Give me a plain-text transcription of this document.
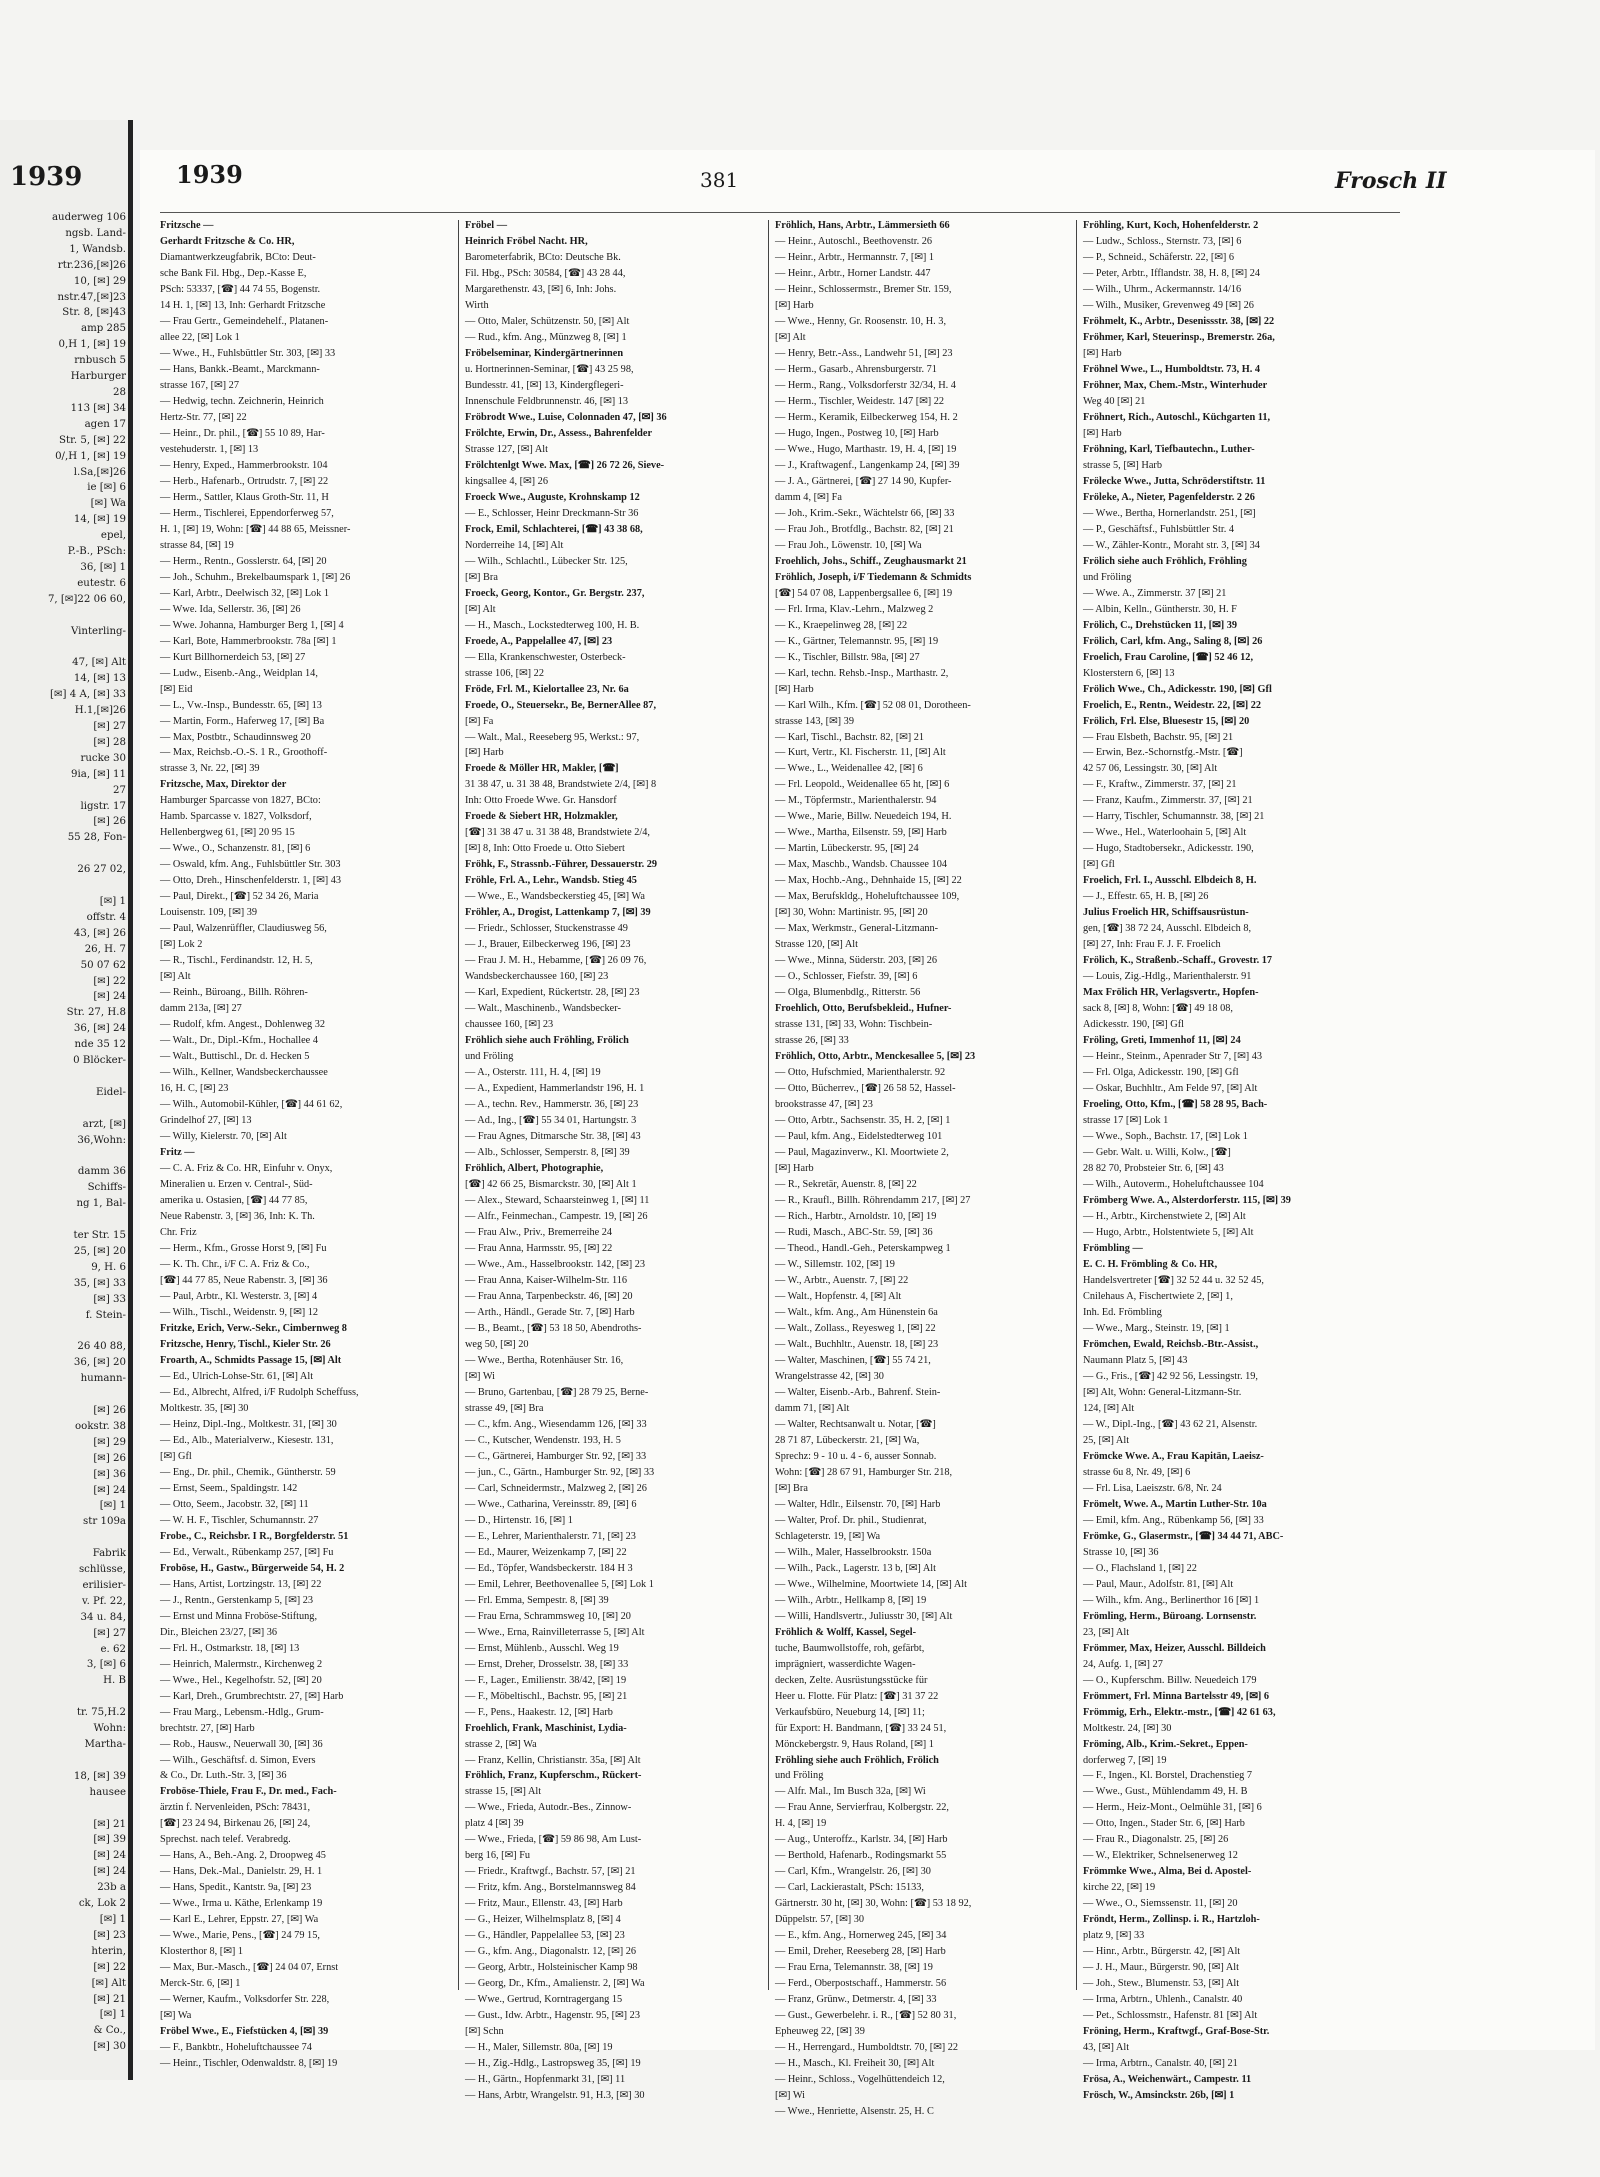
1939
auderweg 106
ngsb. Land-
1, Wandsb.
rtr.236,[✉]26
10, [✉] 29
nstr.47,[✉]23
Str. 8, [✉]43
amp 285
0,H 1, [✉] 19
rnbusch 5
Harburger
28
113 [✉] 34
agen 17
Str. 5, [✉] 22
0/,H 1, [✉] 19
l.Sa,[✉]26
ie [✉] 6
[✉] Wa
14, [✉] 19
epel,
P.-B., PSch:
36, [✉] 1
eutestr. 6
7, [✉]22 06 60,

Vinterling-

47, [✉] Alt
14, [✉] 13
[✉] 4 A, [✉] 33
H.1,[✉]26
[✉] 27
[✉] 28
rucke 30
9ia, [✉] 11
27
ligstr. 17
[✉] 26
55 28, Fon-

26 27 02,

[✉] 1
offstr. 4
43, [✉] 26
26, H. 7
50 07 62
[✉] 22
[✉] 24
Str. 27, H.8
36, [✉] 24
nde 35 12
0 Blöcker-

Eidel-

arzt, [✉]
36,Wohn:

damm 36
Schiffs-
ng 1, Bal-

ter Str. 15
25, [✉] 20
9, H. 6
35, [✉] 33
[✉] 33
f. Stein-

26 40 88,
36, [✉] 20
humann-

[✉] 26
ookstr. 38
[✉] 29
[✉] 26
[✉] 36
[✉] 24
[✉] 1
str 109a

Fabrik
schlüsse,
erilisier-
v. Pf. 22,
34 u. 84,
[✉] 27
e. 62
3, [✉] 6
H. B

tr. 75,H.2
Wohn:
Martha-

18, [✉] 39
hausee

[✉] 21
[✉] 39
[✉] 24
[✉] 24
23b a
ck, Lok 2
[✉] 1
[✉] 23
hterin,
[✉] 22
[✉] Alt
[✉] 21
[✉] 1
& Co.,
[✉] 30
1939	381	Frosch II
Fritzsche —
Gerhardt Fritzsche & Co. HR,
Diamantwerkzeugfabrik, BCto: Deut-
sche Bank Fil. Hbg., Dep.-Kasse E,
PSch: 53337, [☎] 44 74 55, Bogenstr.
14 H. 1, [✉] 13, Inh: Gerhardt Fritzsche
— Frau Gertr., Gemeindehelf., Platanen-
allee 22, [✉] Lok 1
— Wwe., H., Fuhlsbüttler Str. 303, [✉] 33
— Hans, Bankk.-Beamt., Marckmann-
strasse 167, [✉] 27
— Hedwig, techn. Zeichnerin, Heinrich
Hertz-Str. 77, [✉] 22
— Heinr., Dr. phil., [☎] 55 10 89, Har-
vestehuderstr. 1, [✉] 13
— Henry, Exped., Hammerbrookstr. 104
— Herb., Hafenarb., Ortrudstr. 7, [✉] 22
— Herm., Sattler, Klaus Groth-Str. 11, H
— Herm., Tischlerei, Eppendorferweg 57,
H. 1, [✉] 19, Wohn: [☎] 44 88 65, Meissner-
strasse 84, [✉] 19
— Herm., Rentn., Gosslerstr. 64, [✉] 20
— Joh., Schuhm., Brekelbaumspark 1, [✉] 26
— Karl, Arbtr., Deelwisch 32, [✉] Lok 1
— Wwe. Ida, Sellerstr. 36, [✉] 26
— Wwe. Johanna, Hamburger Berg 1, [✉] 4
— Karl, Bote, Hammerbrookstr. 78a [✉] 1
— Kurt Billhornerdeich 53, [✉] 27
— Ludw., Eisenb.-Ang., Weidplan 14,
[✉] Eid
— L., Vw.-Insp., Bundesstr. 65, [✉] 13
— Martin, Form., Haferweg 17, [✉] Ba
— Max, Postbtr., Schaudinnsweg 20
— Max, Reichsb.-O.-S. 1 R., Groothoff-
strasse 3, Nr. 22, [✉] 39
Fritzsche, Max, Direktor der
Hamburger Sparcasse von 1827, BCto:
Hamb. Sparcasse v. 1827, Volksdorf,
Hellenbergweg 61, [✉] 20 95 15
— Wwe., O., Schanzenstr. 81, [✉] 6
— Oswald, kfm. Ang., Fuhlsbüttler Str. 303
— Otto, Dreh., Hinschenfelderstr. 1, [✉] 43
— Paul, Direkt., [☎] 52 34 26, Maria
Louisenstr. 109, [✉] 39
— Paul, Walzenrüffler, Claudiusweg 56,
[✉] Lok 2
— R., Tischl., Ferdinandstr. 12, H. 5,
[✉] Alt
— Reinh., Büroang., Billh. Röhren-
damm 213a, [✉] 27
— Rudolf, kfm. Angest., Dohlenweg 32
— Walt., Dr., Dipl.-Kfm., Hochallee 4
— Walt., Buttischl., Dr. d. Hecken 5
— Wilh., Kellner, Wandsbeckerchaussee
16, H. C, [✉] 23
— Wilh., Automobil-Kühler, [☎] 44 61 62,
Grindelhof 27, [✉] 13
— Willy, Kielerstr. 70, [✉] Alt
Fritz —
— C. A. Friz & Co. HR, Einfuhr v. Onyx,
Mineralien u. Erzen v. Central-, Süd-
amerika u. Ostasien, [☎] 44 77 85,
Neue Rabenstr. 3, [✉] 36, Inh: K. Th.
Chr. Friz
— Herm., Kfm., Grosse Horst 9, [✉] Fu
— K. Th. Chr., i/F C. A. Friz & Co.,
[☎] 44 77 85, Neue Rabenstr. 3, [✉] 36
— Paul, Arbtr., Kl. Westerstr. 3, [✉] 4
— Wilh., Tischl., Weidenstr. 9, [✉] 12
Fritzke, Erich, Verw.-Sekr., Cimbernweg 8
Fritzsche, Henry, Tischl., Kieler Str. 26
Froarth, A., Schmidts Passage 15, [✉] Alt
— Ed., Ulrich-Lohse-Str. 61, [✉] Alt
— Ed., Albrecht, Alfred, i/F Rudolph Scheffuss,
Moltkestr. 35, [✉] 30
— Heinz, Dipl.-Ing., Moltkestr. 31, [✉] 30
— Ed., Alb., Materialverw., Kiesestr. 131,
[✉] Gfl
— Eng., Dr. phil., Chemik., Güntherstr. 59
— Ernst, Seem., Spaldingstr. 142
— Otto, Seem., Jacobstr. 32, [✉] 11
— W. H. F., Tischler, Schumannstr. 27
Frobe., C., Reichsbr. I R., Borgfelderstr. 51
— Ed., Verwalt., Rübenkamp 257, [✉] Fu
Froböse, H., Gastw., Bürgerweide 54, H. 2
— Hans, Artist, Lortzingstr. 13, [✉] 22
— J., Rentn., Gerstenkamp 5, [✉] 23
— Ernst und Minna Froböse-Stiftung,
Dir., Bleichen 23/27, [✉] 36
— Frl. H., Ostmarkstr. 18, [✉] 13
— Heinrich, Malermstr., Kirchenweg 2
— Wwe., Hel., Kegelhofstr. 52, [✉] 20
— Karl, Dreh., Grumbrechtstr. 27, [✉] Harb
— Frau Marg., Lebensm.-Hdlg., Grum-
brechtstr. 27, [✉] Harb
— Rob., Hausw., Neuerwall 30, [✉] 36
— Wilh., Geschäftsf. d. Simon, Evers
& Co., Dr. Luth.-Str. 3, [✉] 36
Froböse-Thiele, Frau F., Dr. med., Fach-
ärztin f. Nervenleiden, PSch: 78431,
[☎] 23 24 94, Birkenau 26, [✉] 24,
Sprechst. nach telef. Verabredg.
— Hans, A., Beh.-Ang. 2, Droopweg 45
— Hans, Dek.-Mal., Danielstr. 29, H. 1
— Hans, Spedit., Kantstr. 9a, [✉] 23
— Wwe., Irma u. Käthe, Erlenkamp 19
— Karl E., Lehrer, Eppstr. 27, [✉] Wa
— Wwe., Marie, Pens., [☎] 24 79 15,
Klosterthor 8, [✉] 1
— Max, Bur.-Masch., [☎] 24 04 07, Ernst
Merck-Str. 6, [✉] 1
— Werner, Kaufm., Volksdorfer Str. 228,
[✉] Wa
Fröbel Wwe., E., Fiefstücken 4, [✉] 39
— F., Bankbtr., Hoheluftchaussee 74
— Heinr., Tischler, Odenwaldstr. 8, [✉] 19
Fröbel —
Heinrich Fröbel Nacht. HR,
Barometerfabrik, BCto: Deutsche Bk.
Fil. Hbg., PSch: 30584, [☎] 43 28 44,
Margarethenstr. 43, [✉] 6, Inh: Johs.
Wirth
— Otto, Maler, Schützenstr. 50, [✉] Alt
— Rud., kfm. Ang., Münzweg 8, [✉] 1
Fröbelseminar, Kindergärtnerinnen
u. Hortnerinnen-Seminar, [☎] 43 25 98,
Bundesstr. 41, [✉] 13, Kindergflegeri-
Innenschule Feldbrunnenstr. 46, [✉] 13
Fröbrodt Wwe., Luise, Colonnaden 47, [✉] 36
Frölchte, Erwin, Dr., Assess., Bahrenfelder
Strasse 127, [✉] Alt
Frölchtenlgt Wwe. Max, [☎] 26 72 26, Sieve-
kingsallee 4, [✉] 26
Froeck Wwe., Auguste, Krohnskamp 12
— E., Schlosser, Heinr Dreckmann-Str 36
Frock, Emil, Schlachterei, [☎] 43 38 68,
Norderreihe 14, [✉] Alt
— Wilh., Schlachtl., Lübecker Str. 125,
[✉] Bra
Froeck, Georg, Kontor., Gr. Bergstr. 237,
[✉] Alt
— H., Masch., Lockstedterweg 100, H. B.
Froede, A., Pappelallee 47, [✉] 23
— Ella, Krankenschwester, Osterbeck-
strasse 106, [✉] 22
Fröde, Frl. M., Kielortallee 23, Nr. 6a
Froede, O., Steuersekr., Be, BernerAllee 87,
[✉] Fa
— Walt., Mal., Reeseberg 95, Werkst.: 97,
[✉] Harb
Froede & Möller HR, Makler, [☎]
31 38 47, u. 31 38 48, Brandstwiete 2/4, [✉] 8
Inh: Otto Froede Wwe. Gr. Hansdorf
Froede & Siebert HR, Holzmakler,
[☎] 31 38 47 u. 31 38 48, Brandstwiete 2/4,
[✉] 8, Inh: Otto Froede u. Otto Siebert
Fröhk, F., Strassnb.-Führer, Dessauerstr. 29
Fröhle, Frl. A., Lehr., Wandsb. Stieg 45
— Wwe., E., Wandsbeckerstieg 45, [✉] Wa
Fröhler, A., Drogist, Lattenkamp 7, [✉] 39
— Friedr., Schlosser, Stuckenstrasse 49
— J., Brauer, Eilbeckerweg 196, [✉] 23
— Frau J. M. H., Hebamme, [☎] 26 09 76,
Wandsbeckerchaussee 160, [✉] 23
— Karl, Expedient, Rückertstr. 28, [✉] 23
— Walt., Maschinenb., Wandsbecker-
chaussee 160, [✉] 23
Fröhlich siehe auch Fröhling, Frölich
und Fröling
— A., Osterstr. 111, H. 4, [✉] 19
— A., Expedient, Hammerlandstr 196, H. 1
— A., techn. Rev., Hammerstr. 36, [✉] 23
— Ad., Ing., [☎] 55 34 01, Hartungstr. 3
— Frau Agnes, Ditmarsche Str. 38, [✉] 43
— Alb., Schlosser, Semperstr. 8, [✉] 39
Fröhlich, Albert, Photographie,
[☎] 42 66 25, Bismarckstr. 30, [✉] Alt 1
— Alex., Steward, Schaarsteinweg 1, [✉] 11
— Alfr., Feinmechan., Campestr. 19, [✉] 26
— Frau Alw., Priv., Bremerreihe 24
— Frau Anna, Harmsstr. 95, [✉] 22
— Wwe., Am., Hasselbrookstr. 142, [✉] 23
— Frau Anna, Kaiser-Wilhelm-Str. 116
— Frau Anna, Tarpenbeckstr. 46, [✉] 20
— Arth., Händl., Gerade Str. 7, [✉] Harb
— B., Beamt., [☎] 53 18 50, Abendroths-
weg 50, [✉] 20
— Wwe., Bertha, Rotenhäuser Str. 16,
[✉] Wi
— Bruno, Gartenbau, [☎] 28 79 25, Berne-
strasse 49, [✉] Bra
— C., kfm. Ang., Wiesendamm 126, [✉] 33
— C., Kutscher, Wendenstr. 193, H. 5
— C., Gärtnerei, Hamburger Str. 92, [✉] 33
— jun., C., Gärtn., Hamburger Str. 92, [✉] 33
— Carl, Schneidermstr., Malzweg 2, [✉] 26
— Wwe., Catharina, Vereinsstr. 89, [✉] 6
— D., Hirtenstr. 16, [✉] 1
— E., Lehrer, Marienthalerstr. 71, [✉] 23
— Ed., Maurer, Weizenkamp 7, [✉] 22
— Ed., Töpfer, Wandsbeckerstr. 184 H 3
— Emil, Lehrer, Beethovenallee 5, [✉] Lok 1
— Frl. Emma, Sempestr. 8, [✉] 39
— Frau Erna, Schrammsweg 10, [✉] 20
— Wwe., Erna, Rainvilleterrasse 5, [✉] Alt
— Ernst, Mühlenb., Ausschl. Weg 19
— Ernst, Dreher, Drosselstr. 38, [✉] 33
— F., Lager., Emilienstr. 38/42, [✉] 19
— F., Möbeltischl., Bachstr. 95, [✉] 21
— F., Pens., Haakestr. 12, [✉] Harb
Froehlich, Frank, Maschinist, Lydia-
strasse 2, [✉] Wa
— Franz, Kellin, Christianstr. 35a, [✉] Alt
Fröhlich, Franz, Kupferschm., Rückert-
strasse 15, [✉] Alt
— Wwe., Frieda, Autodr.-Bes., Zinnow-
platz 4 [✉] 39
— Wwe., Frieda, [☎] 59 86 98, Am Lust-
berg 16, [✉] Fu
— Friedr., Kraftwgf., Bachstr. 57, [✉] 21
— Fritz, kfm. Ang., Borstelmannsweg 84
— Fritz, Maur., Ellenstr. 43, [✉] Harb
— G., Heizer, Wilhelmsplatz 8, [✉] 4
— G., Händler, Pappelallee 53, [✉] 23
— G., kfm. Ang., Diagonalstr. 12, [✉] 26
— Georg, Arbtr., Holsteinischer Kamp 98
— Georg, Dr., Kfm., Amalienstr. 2, [✉] Wa
— Wwe., Gertrud, Korntragergang 15
— Gust., Idw. Arbtr., Hagenstr. 95, [✉] 23
[✉] Schn
— H., Maler, Sillemstr. 80a, [✉] 19
— H., Zig.-Hdlg., Lastropsweg 35, [✉] 19
— H., Gärtn., Hopfenmarkt 31, [✉] 11
— Hans, Arbtr, Wrangelstr. 91, H.3, [✉] 30
Fröhlich, Hans, Arbtr., Lämmersieth 66
— Heinr., Autoschl., Beethovenstr. 26
— Heinr., Arbtr., Hermannstr. 7, [✉] 1
— Heinr., Arbtr., Horner Landstr. 447
— Heinr., Schlossermstr., Bremer Str. 159,
[✉] Harb
— Wwe., Henny, Gr. Roosenstr. 10, H. 3,
[✉] Alt
— Henry, Betr.-Ass., Landwehr 51, [✉] 23
— Herm., Gasarb., Ahrensburgerstr. 71
— Herm., Rang., Volksdorferstr 32/34, H. 4
— Herm., Tischler, Weidestr. 147 [✉] 22
— Herm., Keramik, Eilbeckerweg 154, H. 2
— Hugo, Ingen., Postweg 10, [✉] Harb
— Wwe., Hugo, Marthastr. 19, H. 4, [✉] 19
— J., Kraftwagenf., Langenkamp 24, [✉] 39
— J. A., Gärtnerei, [☎] 27 14 90, Kupfer-
damm 4, [✉] Fa
— Joh., Krim.-Sekr., Wächtelstr 66, [✉] 33
— Frau Joh., Brotfdlg., Bachstr. 82, [✉] 21
— Frau Joh., Löwenstr. 10, [✉] Wa
Froehlich, Johs., Schiff., Zeughausmarkt 21
Fröhlich, Joseph, i/F Tiedemann & Schmidts
[☎] 54 07 08, Lappenbergsallee 6, [✉] 19
— Frl. Irma, Klav.-Lehrn., Malzweg 2
— K., Kraepelinweg 28, [✉] 22
— K., Gärtner, Telemannstr. 95, [✉] 19
— K., Tischler, Billstr. 98a, [✉] 27
— Karl, techn. Rehsb.-Insp., Marthastr. 2,
[✉] Harb
— Karl Wilh., Kfm. [☎] 52 08 01, Dorotheen-
strasse 143, [✉] 39
— Karl, Tischl., Bachstr. 82, [✉] 21
— Kurt, Vertr., Kl. Fischerstr. 11, [✉] Alt
— Wwe., L., Weidenallee 42, [✉] 6
— Frl. Leopold., Weidenallee 65 ht, [✉] 6
— M., Töpfermstr., Marienthalerstr. 94
— Wwe., Marie, Billw. Neuedeich 194, H.
— Wwe., Martha, Eilsenstr. 59, [✉] Harb
— Martin, Lübeckerstr. 95, [✉] 24
— Max, Maschb., Wandsb. Chaussee 104
— Max, Hochb.-Ang., Dehnhaide 15, [✉] 22
— Max, Berufskldg., Hoheluftchaussee 109,
[✉] 30, Wohn: Martinistr. 95, [✉] 20
— Max, Werkmstr., General-Litzmann-
Strasse 120, [✉] Alt
— Wwe., Minna, Süderstr. 203, [✉] 26
— O., Schlosser, Fiefstr. 39, [✉] 6
— Olga, Blumenbdlg., Ritterstr. 56
Froehlich, Otto, Berufsbekleid., Hufner-
strasse 131, [✉] 33, Wohn: Tischbein-
strasse 26, [✉] 33
Fröhlich, Otto, Arbtr., Menckesallee 5, [✉] 23
— Otto, Hufschmied, Marienthalerstr. 92
— Otto, Bücherrev., [☎] 26 58 52, Hassel-
brookstrasse 47, [✉] 23
— Otto, Arbtr., Sachsenstr. 35, H. 2, [✉] 1
— Paul, kfm. Ang., Eidelstedterweg 101
— Paul, Magazinverw., Kl. Moortwiete 2,
[✉] Harb
— R., Sekretär, Auenstr. 8, [✉] 22
— R., Kraufl., Billh. Röhrendamm 217, [✉] 27
— Rich., Harbtr., Arnoldstr. 10, [✉] 19
— Rudi, Masch., ABC-Str. 59, [✉] 36
— Theod., Handl.-Geh., Peterskampweg 1
— W., Sillemstr. 102, [✉] 19
— W., Arbtr., Auenstr. 7, [✉] 22
— Walt., Hopfenstr. 4, [✉] Alt
— Walt., kfm. Ang., Am Hünenstein 6a
— Walt., Zollass., Reyesweg 1, [✉] 22
— Walt., Buchhltr., Auenstr. 18, [✉] 23
— Walter, Maschinen, [☎] 55 74 21,
Wrangelstrasse 42, [✉] 30
— Walter, Eisenb.-Arb., Bahrenf. Stein-
damm 71, [✉] Alt
— Walter, Rechtsanwalt u. Notar, [☎]
28 71 87, Lübeckerstr. 21, [✉] Wa,
Sprechz: 9 - 10 u. 4 - 6, ausser Sonnab.
Wohn: [☎] 28 67 91, Hamburger Str. 218,
[✉] Bra
— Walter, Hdlr., Eilsenstr. 70, [✉] Harb
— Walter, Prof. Dr. phil., Studienrat,
Schlageterstr. 19, [✉] Wa
— Wilh., Maler, Hasselbrookstr. 150a
— Wilh., Pack., Lagerstr. 13 b, [✉] Alt
— Wwe., Wilhelmine, Moortwiete 14, [✉] Alt
— Wilh., Arbtr., Hellkamp 8, [✉] 19
— Willi, Handlsvertr., Juliusstr 30, [✉] Alt
Fröhlich & Wolff, Kassel, Segel-
tuche, Baumwollstoffe, roh, gefärbt,
imprägniert, wasserdichte Wagen-
decken, Zelte. Ausrüstungsstücke für
Heer u. Flotte. Für Platz: [☎] 31 37 22
Verkaufsbüro, Neueburg 14, [✉] 11;
für Export: H. Bandmann, [☎] 33 24 51,
Mönckebergstr. 9, Haus Roland, [✉] 1
Fröhling siehe auch Fröhlich, Frölich
und Fröling
— Alfr. Mal., Im Busch 32a, [✉] Wi
— Frau Anne, Servierfrau, Kolbergstr. 22,
H. 4, [✉] 19
— Aug., Unteroffz., Karlstr. 34, [✉] Harb
— Berthold, Hafenarb., Rodingsmarkt 55
— Carl, Kfm., Wrangelstr. 26, [✉] 30
— Carl, Lackierastalt, PSch: 15133,
Gärtnerstr. 30 ht, [✉] 30, Wohn: [☎] 53 18 92,
Düppelstr. 57, [✉] 30
— E., kfm. Ang., Hornerweg 245, [✉] 34
— Emil, Dreher, Reeseberg 28, [✉] Harb
— Frau Erna, Telemannstr. 38, [✉] 19
— Ferd., Oberpostschaff., Hammerstr. 56
— Franz, Grünw., Detmerstr. 4, [✉] 33
— Gust., Gewerbelehr. i. R., [☎] 52 80 31,
Epheuweg 22, [✉] 39
— H., Herrengard., Humboldtstr. 70, [✉] 22
— H., Masch., Kl. Freiheit 30, [✉] Alt
— Heinr., Schloss., Vogelhüttendeich 12,
[✉] Wi
— Wwe., Henriette, Alsenstr. 25, H. C
Fröhling, Kurt, Koch, Hohenfelderstr. 2
— Ludw., Schloss., Sternstr. 73, [✉] 6
— P., Schneid., Schäferstr. 22, [✉] 6
— Peter, Arbtr., Ifflandstr. 38, H. 8, [✉] 24
— Wilh., Uhrm., Ackermannstr. 14/16
— Wilh., Musiker, Grevenweg 49 [✉] 26
Fröhmelt, K., Arbtr., Desenissstr. 38, [✉] 22
Fröhmer, Karl, Steuerinsp., Bremerstr. 26a,
[✉] Harb
Fröhnel Wwe., L., Humboldtstr. 73, H. 4
Fröhner, Max, Chem.-Mstr., Winterhuder
Weg 40 [✉] 21
Fröhnert, Rich., Autoschl., Küchgarten 11,
[✉] Harb
Fröhning, Karl, Tiefbautechn., Luther-
strasse 5, [✉] Harb
Frölecke Wwe., Jutta, Schröderstiftstr. 11
Fröleke, A., Nieter, Pagenfelderstr. 2 26
— Wwe., Bertha, Hornerlandstr. 251, [✉]
— P., Geschäftsf., Fuhlsbüttler Str. 4
— W., Zähler-Kontr., Moraht str. 3, [✉] 34
Frölich siehe auch Fröhlich, Fröhling
und Fröling
— Wwe. A., Zimmerstr. 37 [✉] 21
— Albin, Kelln., Güntherstr. 30, H. F
Frölich, C., Drehstücken 11, [✉] 39
Frölich, Carl, kfm. Ang., Saling 8, [✉] 26
Froelich, Frau Caroline, [☎] 52 46 12,
Klosterstern 6, [✉] 13
Frölich Wwe., Ch., Adickesstr. 190, [✉] Gfl
Froelich, E., Rentn., Weidestr. 22, [✉] 22
Frölich, Frl. Else, Bluesestr 15, [✉] 20
— Frau Elsbeth, Bachstr. 95, [✉] 21
— Erwin, Bez.-Schornstfg.-Mstr. [☎]
42 57 06, Lessingstr. 30, [✉] Alt
— F., Kraftw., Zimmerstr. 37, [✉] 21
— Franz, Kaufm., Zimmerstr. 37, [✉] 21
— Harry, Tischler, Schumannstr. 38, [✉] 21
— Wwe., Hel., Waterloohain 5, [✉] Alt
— Hugo, Stadtobersekr., Adickesstr. 190,
[✉] Gfl
Froelich, Frl. I., Ausschl. Elbdeich 8, H.
— J., Effestr. 65, H. B, [✉] 26
Julius Froelich HR, Schiffsausrüstun-
gen, [☎] 38 72 24, Ausschl. Elbdeich 8,
[✉] 27, Inh: Frau F. J. F. Froelich
Frölich, K., Straßenb.-Schaff., Grovestr. 17
— Louis, Zig.-Hdlg., Marienthalerstr. 91
Max Frölich HR, Verlagsvertr., Hopfen-
sack 8, [✉] 8, Wohn: [☎] 49 18 08,
Adickesstr. 190, [✉] Gfl
Fröling, Greti, Immenhof 11, [✉] 24
— Heinr., Steinm., Apenrader Str 7, [✉] 43
— Frl. Olga, Adickesstr. 190, [✉] Gfl
— Oskar, Buchhltr., Am Felde 97, [✉] Alt
Froeling, Otto, Kfm., [☎] 58 28 95, Bach-
strasse 17 [✉] Lok 1
— Wwe., Soph., Bachstr. 17, [✉] Lok 1
— Gebr. Walt. u. Willi, Kolw., [☎]
28 82 70, Probsteier Str. 6, [✉] 43
— Wilh., Autoverm., Hoheluftchaussee 104
Frömberg Wwe. A., Alsterdorferstr. 115, [✉] 39
— H., Arbtr., Kirchenstwiete 2, [✉] Alt
— Hugo, Arbtr., Holstentwiete 5, [✉] Alt
Frömbling —
E. C. H. Frömbling & Co. HR,
Handelsvertreter [☎] 32 52 44 u. 32 52 45,
Cnilehaus A, Fischertwiete 2, [✉] 1,
Inh. Ed. Frömbling
— Wwe., Marg., Steinstr. 19, [✉] 1
Frömchen, Ewald, Reichsb.-Btr.-Assist.,
Naumann Platz 5, [✉] 43
— G., Fris., [☎] 42 92 56, Lessingstr. 19,
[✉] Alt, Wohn: General-Litzmann-Str.
124, [✉] Alt
— W., Dipl.-Ing., [☎] 43 62 21, Alsenstr.
25, [✉] Alt
Frömcke Wwe. A., Frau Kapitän, Laeisz-
strasse 6u 8, Nr. 49, [✉] 6
— Frl. Lisa, Laeiszstr. 6/8, Nr. 24
Frömelt, Wwe. A., Martin Luther-Str. 10a
— Emil, kfm. Ang., Rübenkamp 56, [✉] 33
Frömke, G., Glasermstr., [☎] 34 44 71, ABC-
Strasse 10, [✉] 36
— O., Flachsland 1, [✉] 22
— Paul, Maur., Adolfstr. 81, [✉] Alt
— Wilh., kfm. Ang., Berlinerthor 16 [✉] 1
Frömling, Herm., Büroang. Lornsenstr.
23, [✉] Alt
Frömmer, Max, Heizer, Ausschl. Billdeich
24, Aufg. 1, [✉] 27
— O., Kupferschm. Billw. Neuedeich 179
Frömmert, Frl. Minna Bartelsstr 49, [✉] 6
Frömmig, Erh., Elektr.-mstr., [☎] 42 61 63,
Moltkestr. 24, [✉] 30
Fröming, Alb., Krim.-Sekret., Eppen-
dorferweg 7, [✉] 19
— F., Ingen., Kl. Borstel, Drachenstieg 7
— Wwe., Gust., Mühlendamm 49, H. B
— Herm., Heiz-Mont., Oelmühle 31, [✉] 6
— Otto, Ingen., Stader Str. 6, [✉] Harb
— Frau R., Diagonalstr. 25, [✉] 26
— W., Elektriker, Schnelsenerweg 12
Frömmke Wwe., Alma, Bei d. Apostel-
kirche 22, [✉] 19
— Wwe., O., Siemssenstr. 11, [✉] 20
Fröndt, Herm., Zollinsp. i. R., Hartzloh-
platz 9, [✉] 33
— Hinr., Arbtr., Bürgerstr. 42, [✉] Alt
— J. H., Maur., Bürgerstr. 90, [✉] Alt
— Joh., Stew., Blumenstr. 53, [✉] Alt
— Irma, Arbtrn., Uhlenh., Canalstr. 40
— Pet., Schlossmstr., Hafenstr. 81 [✉] Alt
Fröning, Herm., Kraftwgf., Graf-Bose-Str.
43, [✉] Alt
— Irma, Arbtrn., Canalstr. 40, [✉] 21
Frösa, A., Weichenwärt., Campestr. 11
Frösch, W., Amsinckstr. 26b, [✉] 1
